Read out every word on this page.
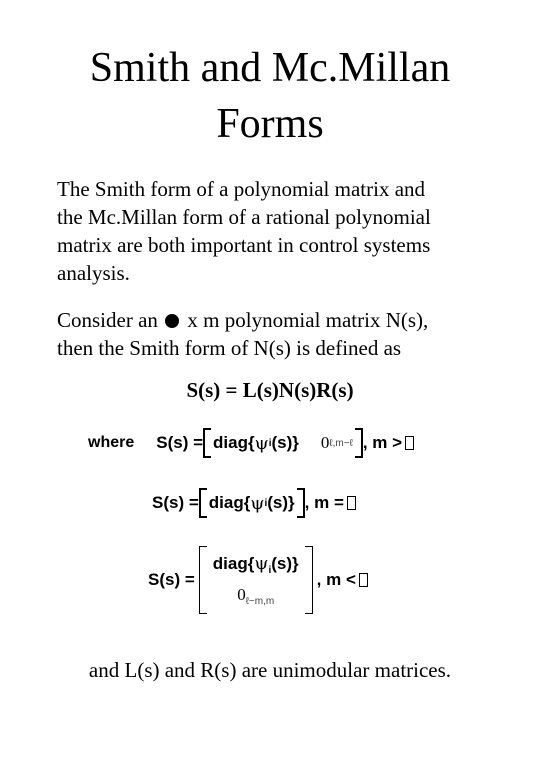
Smith and Mc.Millan
Forms
The Smith form of a polynomial matrix and
the Mc.Millan form of a rational polynomial
matrix are both important in control systems
analysis.
Consider an x m polynomial matrix N(s),
then the Smith form of N(s) is defined as
S(s) = L(s)N(s)R(s)
where S(s) = diag{ ψ i (s)} 0 ℓ,m−ℓ , m >
S(s) = diag{ ψ i (s)} , m =
S(s) =
$diag\{\psi_i(s)\}$
$0_{\ell-m,m}$
, m <
and L(s) and R(s) are unimodular matrices.
